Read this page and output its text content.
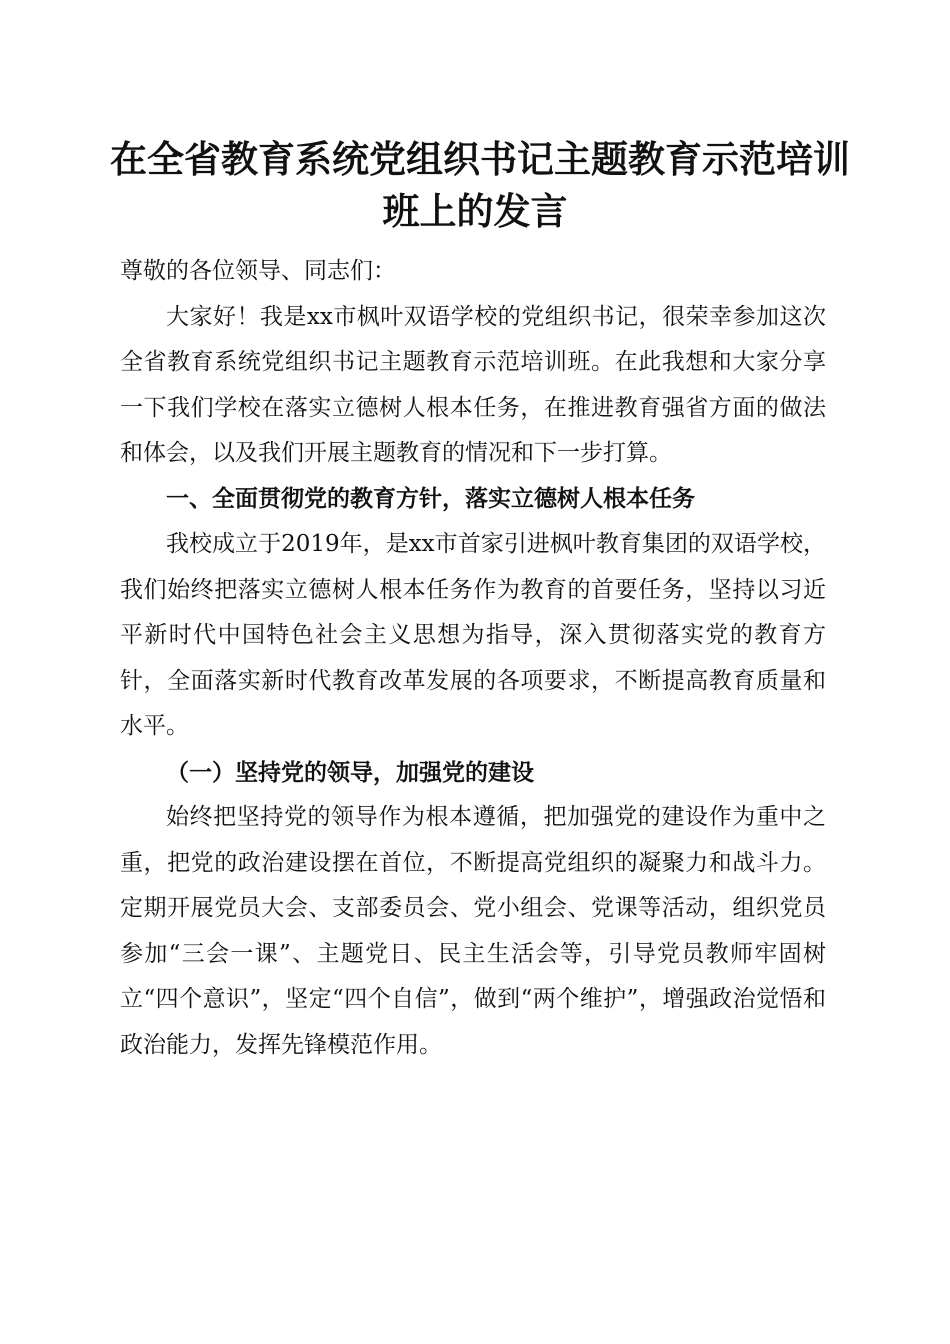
在全省教育系统党组织书记主题教育示范培训
班上的发言

尊敬的各位领导、同志们：

大家好！我是xx市枫叶双语学校的党组织书记，很荣幸参加这次全省教育系统党组织书记主题教育示范培训班。在此我想和大家分享一下我们学校在落实立德树人根本任务，在推进教育强省方面的做法和体会，以及我们开展主题教育的情况和下一步打算。

一、全面贯彻党的教育方针，落实立德树人根本任务

我校成立于2019年，是xx市首家引进枫叶教育集团的双语学校，我们始终把落实立德树人根本任务作为教育的首要任务，坚持以习近平新时代中国特色社会主义思想为指导，深入贯彻落实党的教育方针，全面落实新时代教育改革发展的各项要求，不断提高教育质量和水平。

（一）坚持党的领导，加强党的建设

始终把坚持党的领导作为根本遵循，把加强党的建设作为重中之重，把党的政治建设摆在首位，不断提高党组织的凝聚力和战斗力。定期开展党员大会、支部委员会、党小组会、党课等活动，组织党员参加“三会一课”、主题党日、民主生活会等，引导党员教师牢固树立“四个意识”，坚定“四个自信”，做到“两个维护”，增强政治觉悟和政治能力，发挥先锋模范作用。
